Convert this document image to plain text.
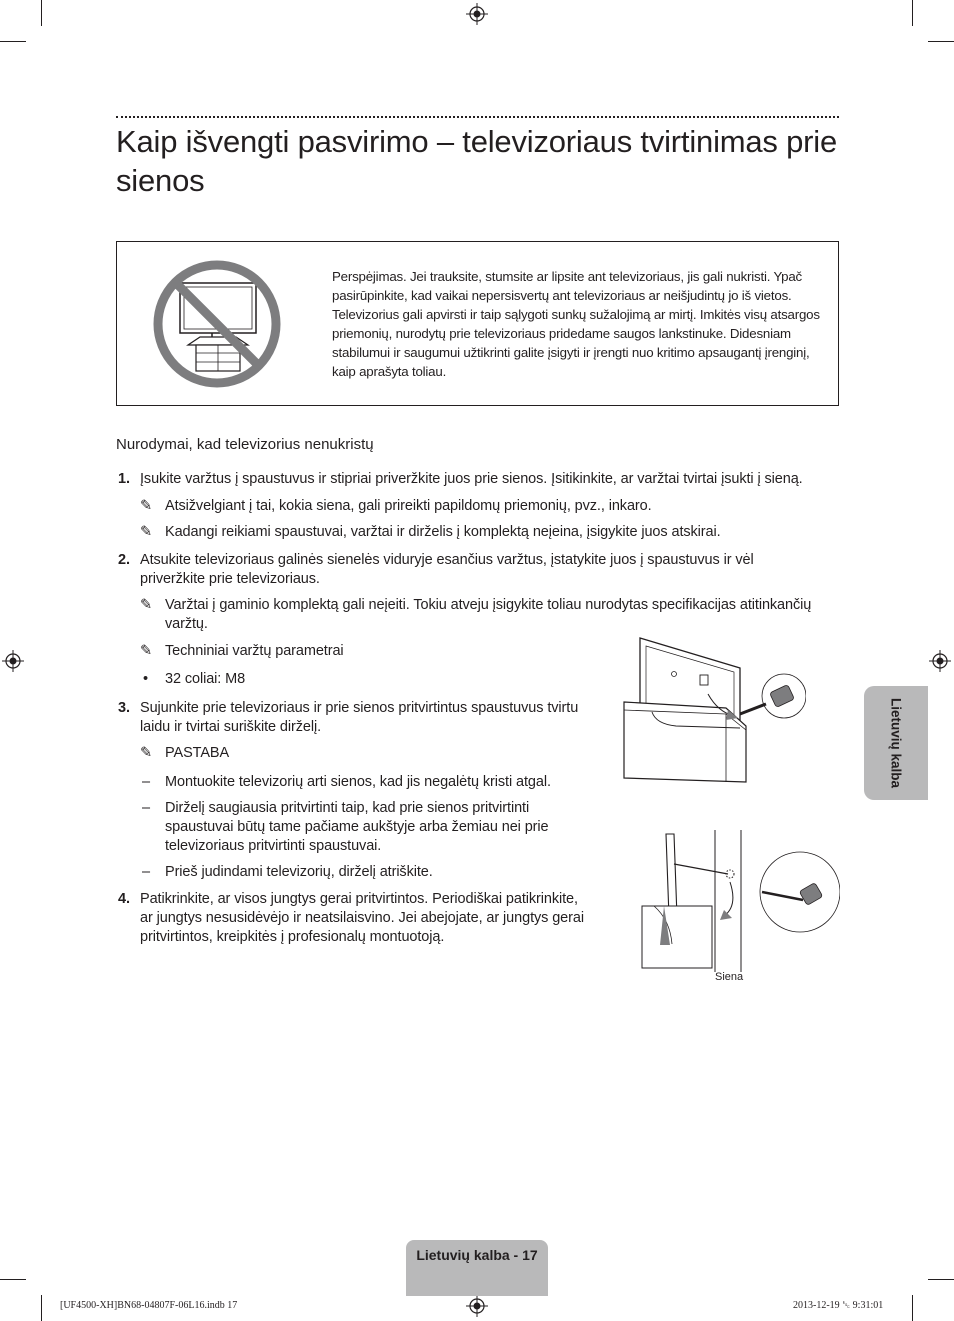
Kaip išvengti pasvirimo – televizoriaus tvirtinimas prie sienos
Perspėjimas. Jei trauksite, stumsite ar lipsite ant televizoriaus, jis gali nukristi. Ypač pasirūpinkite, kad vaikai nepersisvertų ant televizoriaus ar neišjudintų jo iš vietos. Televizorius gali apvirsti ir taip sąlygoti sunkų sužalojimą ar mirtį. Imkitės visų atsargos priemonių, nurodytų prie televizoriaus pridedame saugos lankstinuke. Didesniam stabilumui ir saugumui užtikrinti galite įsigyti ir įrengti nuo kritimo apsaugantį įrenginį, kaip aprašyta toliau.
Nurodymai, kad televizorius nenukristų
1. Įsukite varžtus į spaustuvus ir stipriai priveržkite juos prie sienos. Įsitikinkite, ar varžtai tvirtai įsukti į sieną.
✎ Atsižvelgiant į tai, kokia siena, gali prireikti papildomų priemonių, pvz., inkaro.
✎ Kadangi reikiami spaustuvai, varžtai ir dirželis į komplektą neįeina, įsigykite juos atskirai.
2. Atsukite televizoriaus galinės sienelės viduryje esančius varžtus, įstatykite juos į spaustuvus ir vėl priveržkite prie televizoriaus.
✎ Varžtai į gaminio komplektą gali neįeiti. Tokiu atveju įsigykite toliau nurodytas specifikacijas atitinkančių varžtų.
✎ Techniniai varžtų parametrai
• 32 coliai: M8
3. Sujunkite prie televizoriaus ir prie sienos pritvirtintus spaustuvus tvirtu laidu ir tvirtai suriškite dirželį.
✎ PASTABA
– Montuokite televizorių arti sienos, kad jis negalėtų kristi atgal.
– Dirželį saugiausia pritvirtinti taip, kad prie sienos pritvirtinti spaustuvai būtų tame pačiame aukštyje arba žemiau nei prie televizoriaus pritvirtinti spaustuvai.
– Prieš judindami televizorių, dirželį atriškite.
4. Patikrinkite, ar visos jungtys gerai pritvirtintos. Periodiškai patikrinkite, ar jungtys nesusidėvėjo ir neatsilaisvino. Jei abejojate, ar jungtys gerai pritvirtintos, kreipkitės į profesionalų montuotoją.
Siena
Lietuvių kalba
Lietuvių kalba - 17
[UF4500-XH]BN68-04807F-06L16.indb 17	2013-12-19 ␛ 9:31:01
